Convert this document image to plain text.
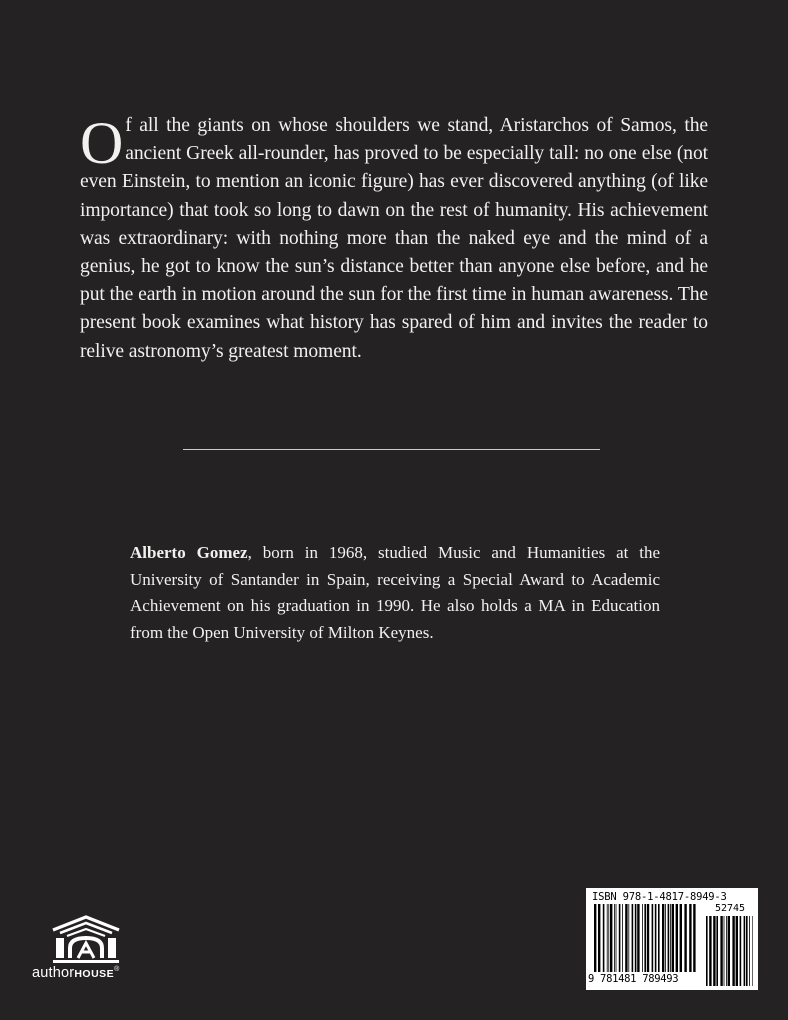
Of all the giants on whose shoulders we stand, Aristarchos of Samos, the ancient Greek all-rounder, has proved to be especially tall: no one else (not even Einstein, to mention an iconic figure) has ever discovered anything (of like importance) that took so long to dawn on the rest of humanity. His achievement was extraordinary: with nothing more than the naked eye and the mind of a genius, he got to know the sun’s distance better than anyone else before, and he put the earth in motion around the sun for the first time in human awareness. The present book examines what history has spared of him and invites the reader to relive astronomy’s greatest moment.

Alberto Gomez, born in 1968, studied Music and Humanities at the University of Santander in Spain, receiving a Special Award to Academic Achievement on his graduation in 1990. He also holds a MA in Education from the Open University of Milton Keynes.

authorHOUSE®
ISBN 978-1-4817-8949-3
52745
9 781481 789493
